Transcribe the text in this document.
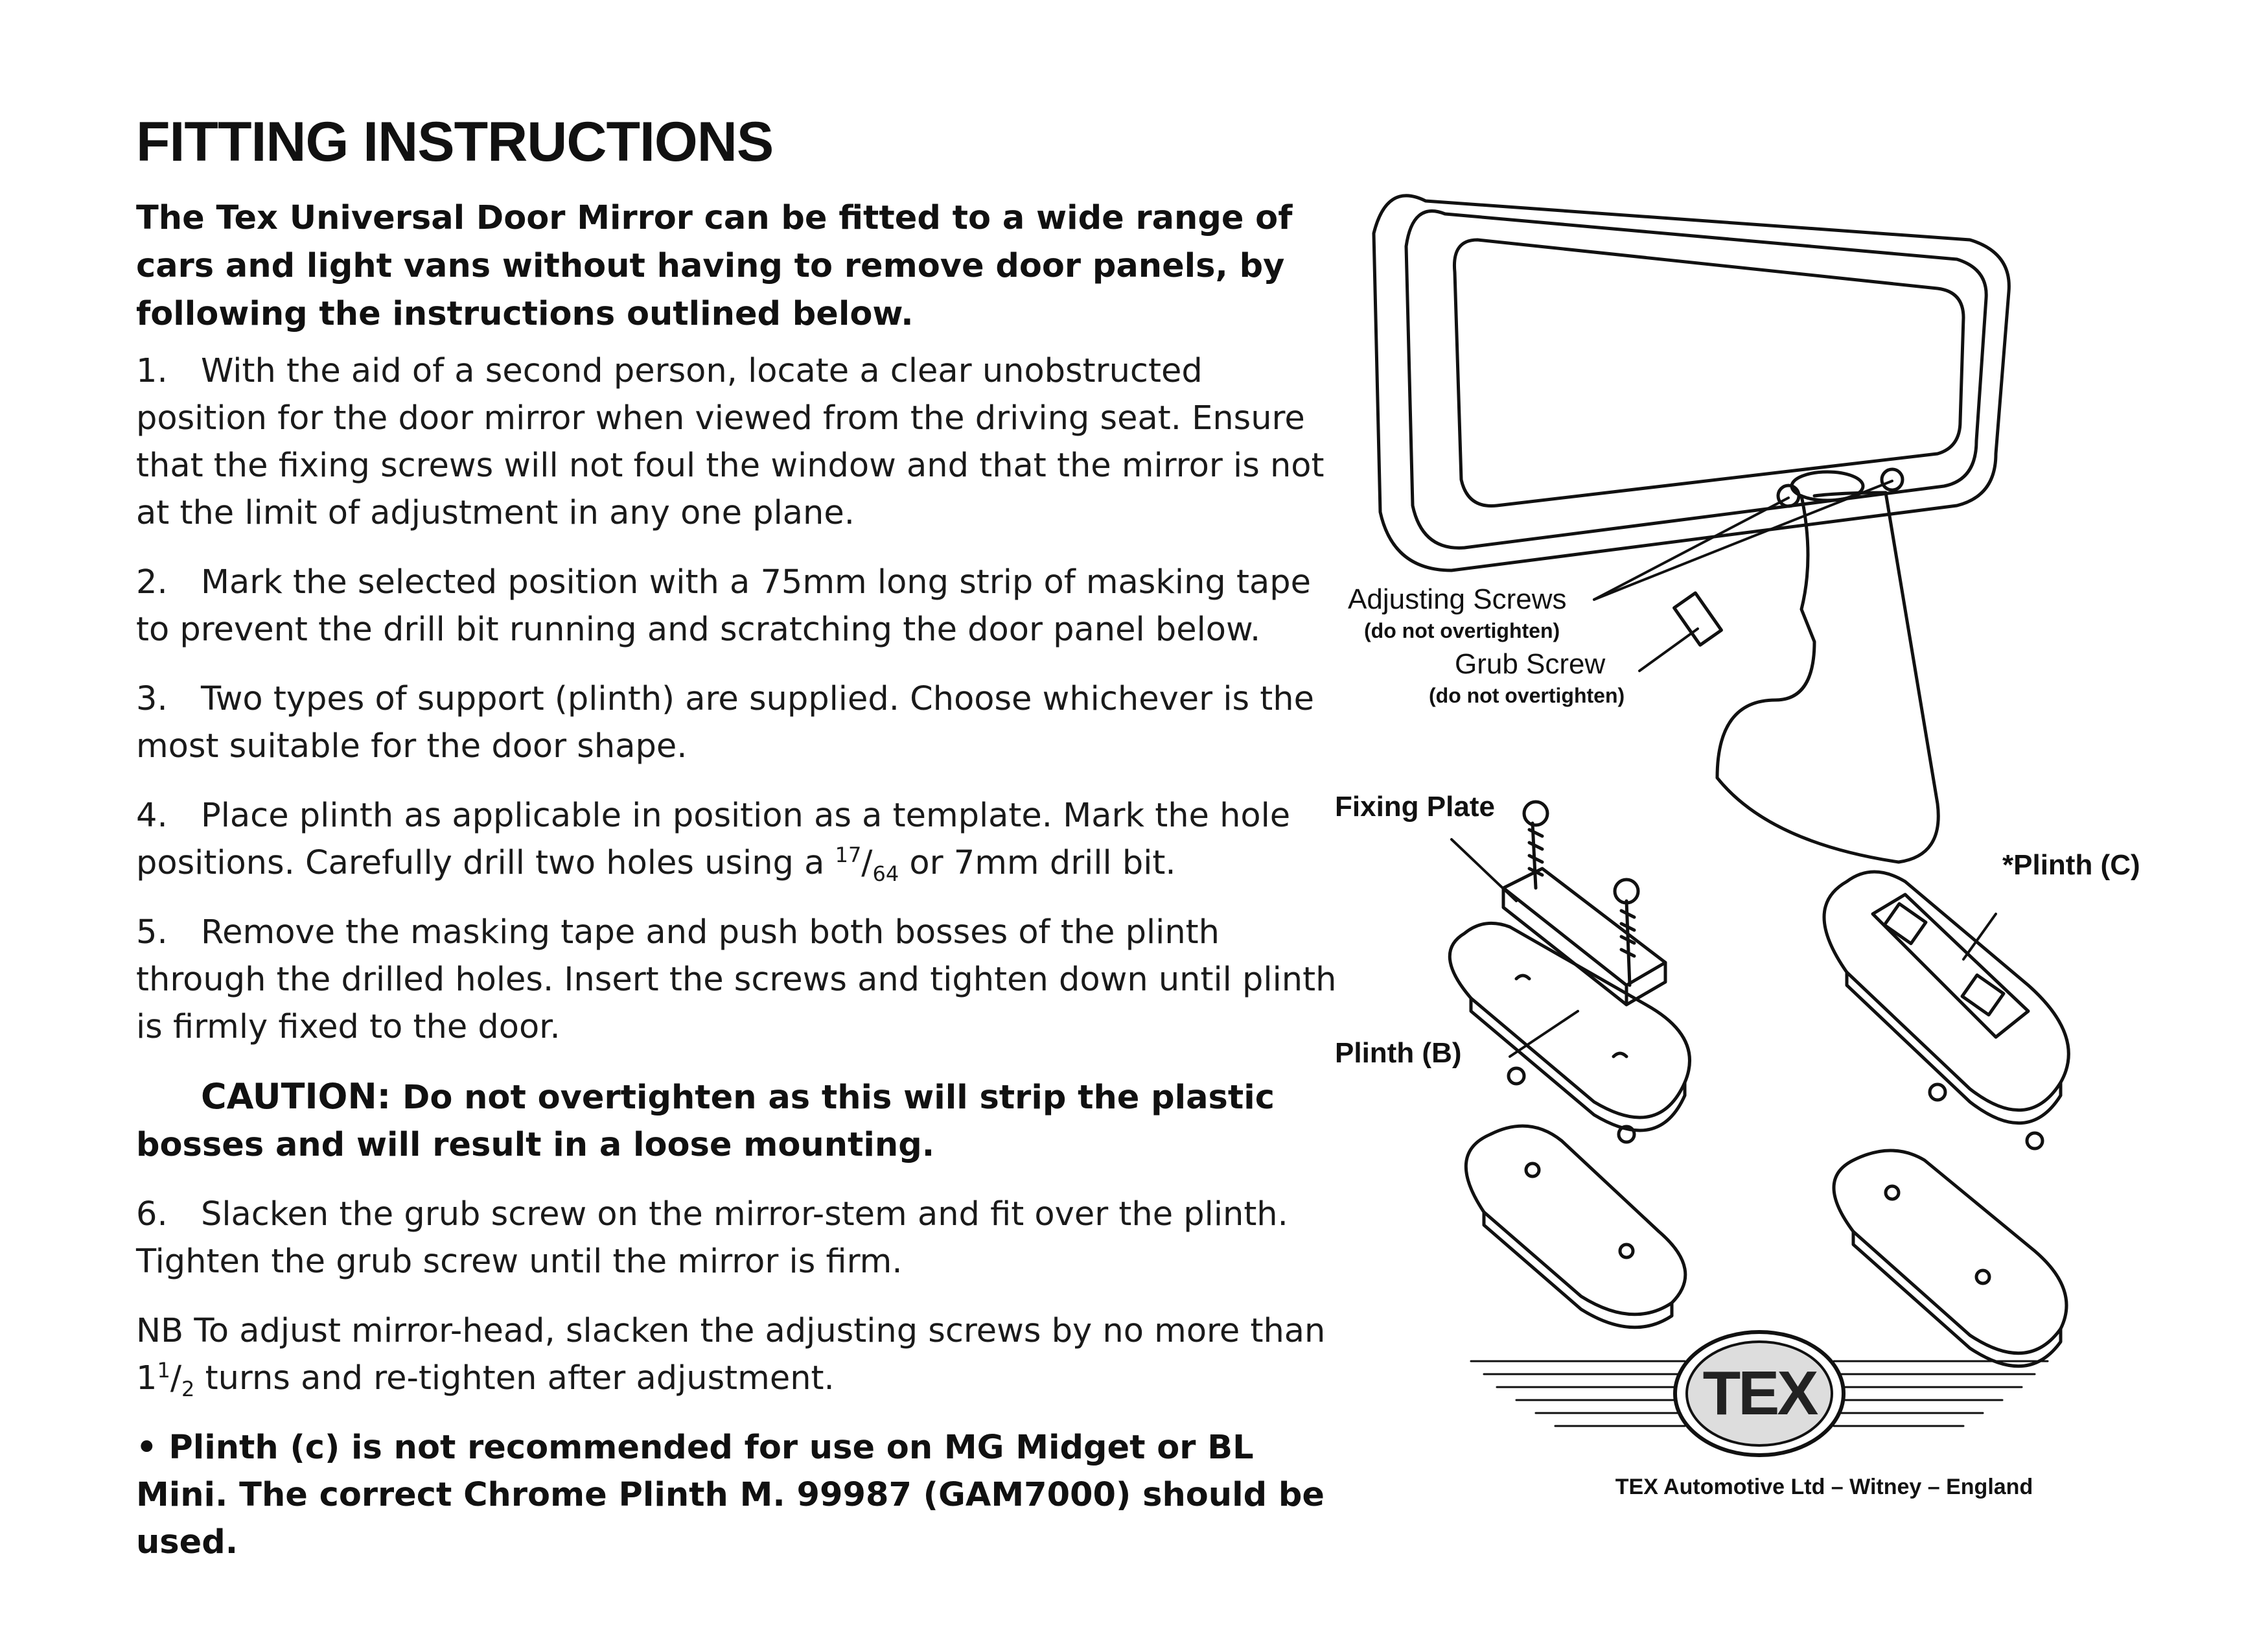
FITTING INSTRUCTIONS

The Tex Universal Door Mirror can be fitted to a wide range of cars and light vans without having to remove door panels, by following the instructions outlined below.

1. With the aid of a second person, locate a clear unobstructed position for the door mirror when viewed from the driving seat. Ensure that the fixing screws will not foul the window and that the mirror is not at the limit of adjustment in any one plane.

2. Mark the selected position with a 75mm long strip of masking tape to prevent the drill bit running and scratching the door panel below.

3. Two types of support (plinth) are supplied. Choose whichever is the most suitable for the door shape.

4. Place plinth as applicable in position as a template. Mark the hole positions. Carefully drill two holes using a $^{17}/_{64}$ or 7mm drill bit.

5. Remove the masking tape and push both bosses of the plinth through the drilled holes. Insert the screws and tighten down until plinth is firmly fixed to the door.

CAUTION: Do not overtighten as this will strip the plastic bosses and will result in a loose mounting.

6. Slacken the grub screw on the mirror-stem and fit over the plinth. Tighten the grub screw until the mirror is firm.

NB To adjust mirror-head, slacken the adjusting screws by no more than $1^1/_2$ turns and re-tighten after adjustment.

• Plinth (c) is not recommended for use on MG Midget or BL Mini. The correct Chrome Plinth M. 99987 (GAM7000) should be used.

TEX
Adjusting Screws
(do not overtighten)
Grub Screw
(do not overtighten)
Fixing Plate
*Plinth (C)
Plinth (B)
TEX Automotive Ltd – Witney – England
